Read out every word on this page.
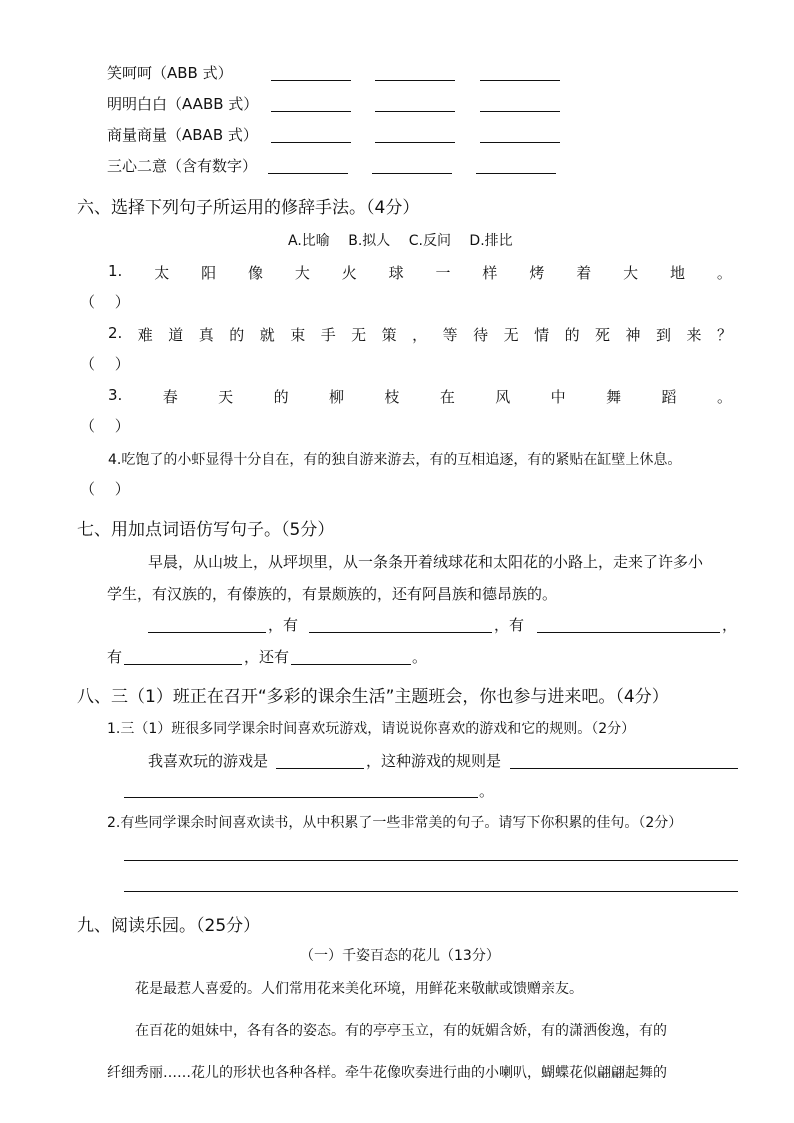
笑呵呵（ABB 式）
明明白白（AABB 式）
商量商量（ABAB 式）
三心二意（含有数字）
六、选择下列句子所运用的修辞手法。（4分）
A.比喻　 B.拟人　 C.反问　 D.排比
1. 太 阳 像 大 火 球 一 样 烤 着 大 地 。
（　 ）
2. 难 道 真 的 就 束 手 无 策 ， 等 待 无 情 的 死 神 到 来 ？
（　 ）
3.	春	天	的	柳	枝	在	风	中	舞	蹈	。
（　 ）
4.吃饱了的小虾显得十分自在，有的独自游来游去，有的互相追逐，有的紧贴在缸壁上休息。
（　 ）
七、用加点词语仿写句子。（5分）
早晨，从山坡上，从坪坝里，从一条条开着绒球花和太阳花的小路上，走来了许多小
学生，有汉族的，有傣族的，有景颇族的，还有阿昌族和德昂族的。
，有	，有	，
有	，还有	。
八、三（1）班正在召开“多彩的课余生活”主题班会，你也参与进来吧。（4分）
1.三（1）班很多同学课余时间喜欢玩游戏，请说说你喜欢的游戏和它的规则。（2分）
我喜欢玩的游戏是	，这种游戏的规则是
。
2.有些同学课余时间喜欢读书，从中积累了一些非常美的句子。请写下你积累的佳句。（2分）
九、阅读乐园。（25分）
（一）千姿百态的花儿（13分）
花是最惹人喜爱的。人们常用花来美化环境，用鲜花来敬献或馈赠亲友。
在百花的姐妹中，各有各的姿态。有的亭亭玉立，有的妩媚含娇，有的潇洒俊逸，有的
纤细秀丽……花儿的形状也各种各样。牵牛花像吹奏进行曲的小喇叭，蝴蝶花似翩翩起舞的
